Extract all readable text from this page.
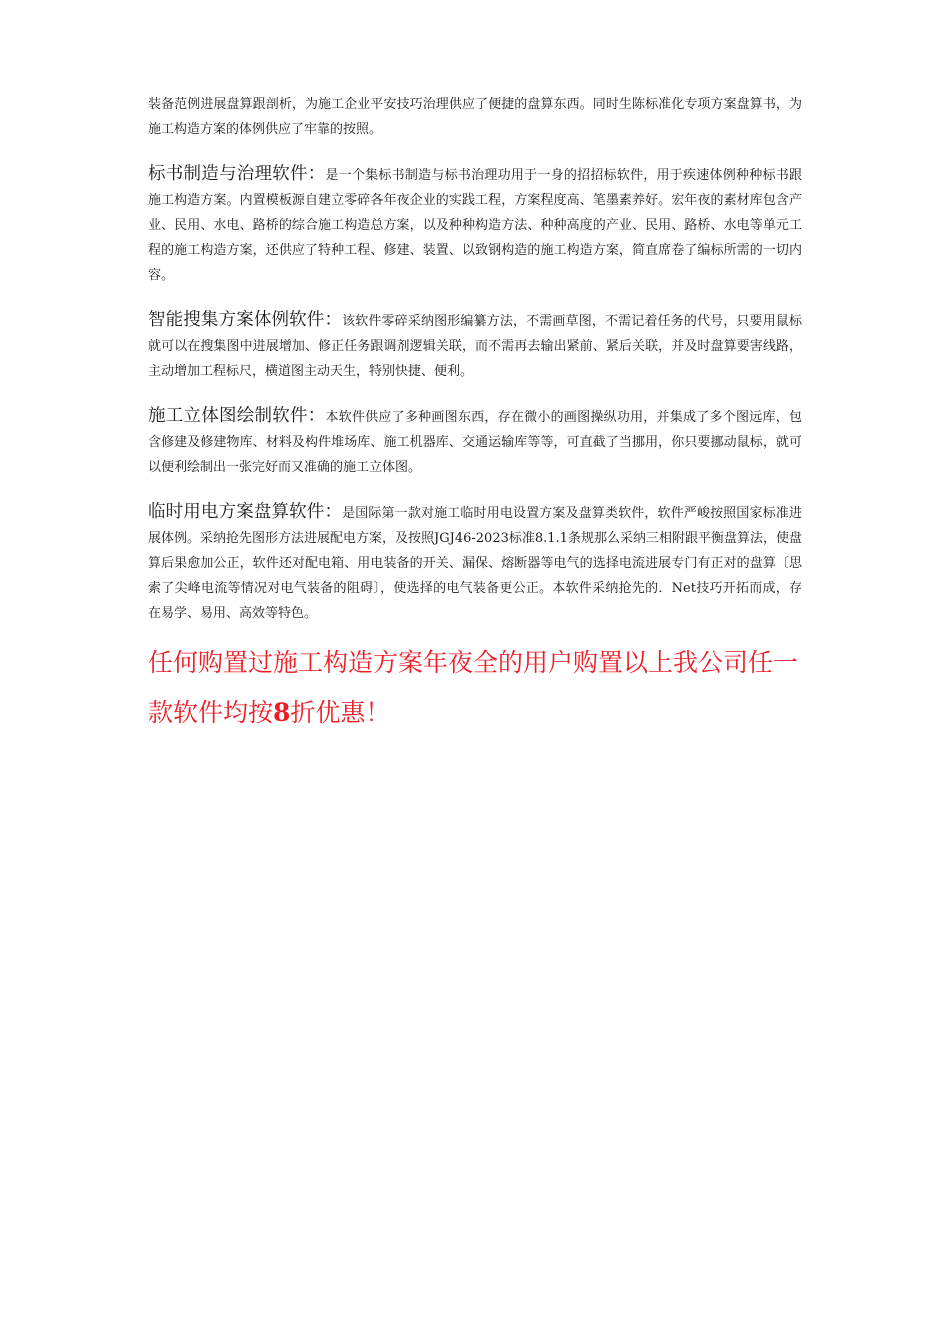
装备范例进展盘算跟剖析，为施工企业平安技巧治理供应了便捷的盘算东西。同时生陈标准化专项方案盘算书，为施工构造方案的体例供应了牢靠的按照。

标书制造与治理软件：是一个集标书制造与标书治理功用于一身的招招标软件，用于疾速体例种种标书跟施工构造方案。内置模板源自建立零碎各年夜企业的实践工程，方案程度高、笔墨素养好。宏年夜的素材库包含产业、民用、水电、路桥的综合施工构造总方案，以及种种构造方法、种种高度的产业、民用、路桥、水电等单元工程的施工构造方案，还供应了特种工程、修建、装置、以致钢构造的施工构造方案，简直席卷了编标所需的一切内容。

智能搜集方案体例软件：该软件零碎采纳图形编纂方法，不需画草图，不需记着任务的代号，只要用鼠标就可以在搜集图中进展增加、修正任务跟调剂逻辑关联，而不需再去输出紧前、紧后关联，并及时盘算要害线路，主动增加工程标尺，横道图主动天生，特别快捷、便利。

施工立体图绘制软件：本软件供应了多种画图东西，存在微小的画图操纵功用，并集成了多个图远库，包含修建及修建物库、材料及构件堆场库、施工机器库、交通运输库等等，可直截了当挪用，你只要挪动鼠标，就可以便利绘制出一张完好而又准确的施工立体图。

临时用电方案盘算软件：是国际第一款对施工临时用电设置方案及盘算类软件，软件严峻按照国家标准进展体例。采纳抢先图形方法进展配电方案，及按照JGJ46-2023标准8.1.1条规那么采纳三相附跟平衡盘算法，使盘算后果愈加公正，软件还对配电箱、用电装备的开关、漏保、熔断器等电气的选择电流进展专门有正对的盘算〔思索了尖峰电流等情况对电气装备的阻碍〕，使选择的电气装备更公正。本软件采纳抢先的．Net技巧开拓而成，存在易学、易用、高效等特色。

任何购置过施工构造方案年夜全的用户购置以上我公司任一款软件均按8折优惠！
